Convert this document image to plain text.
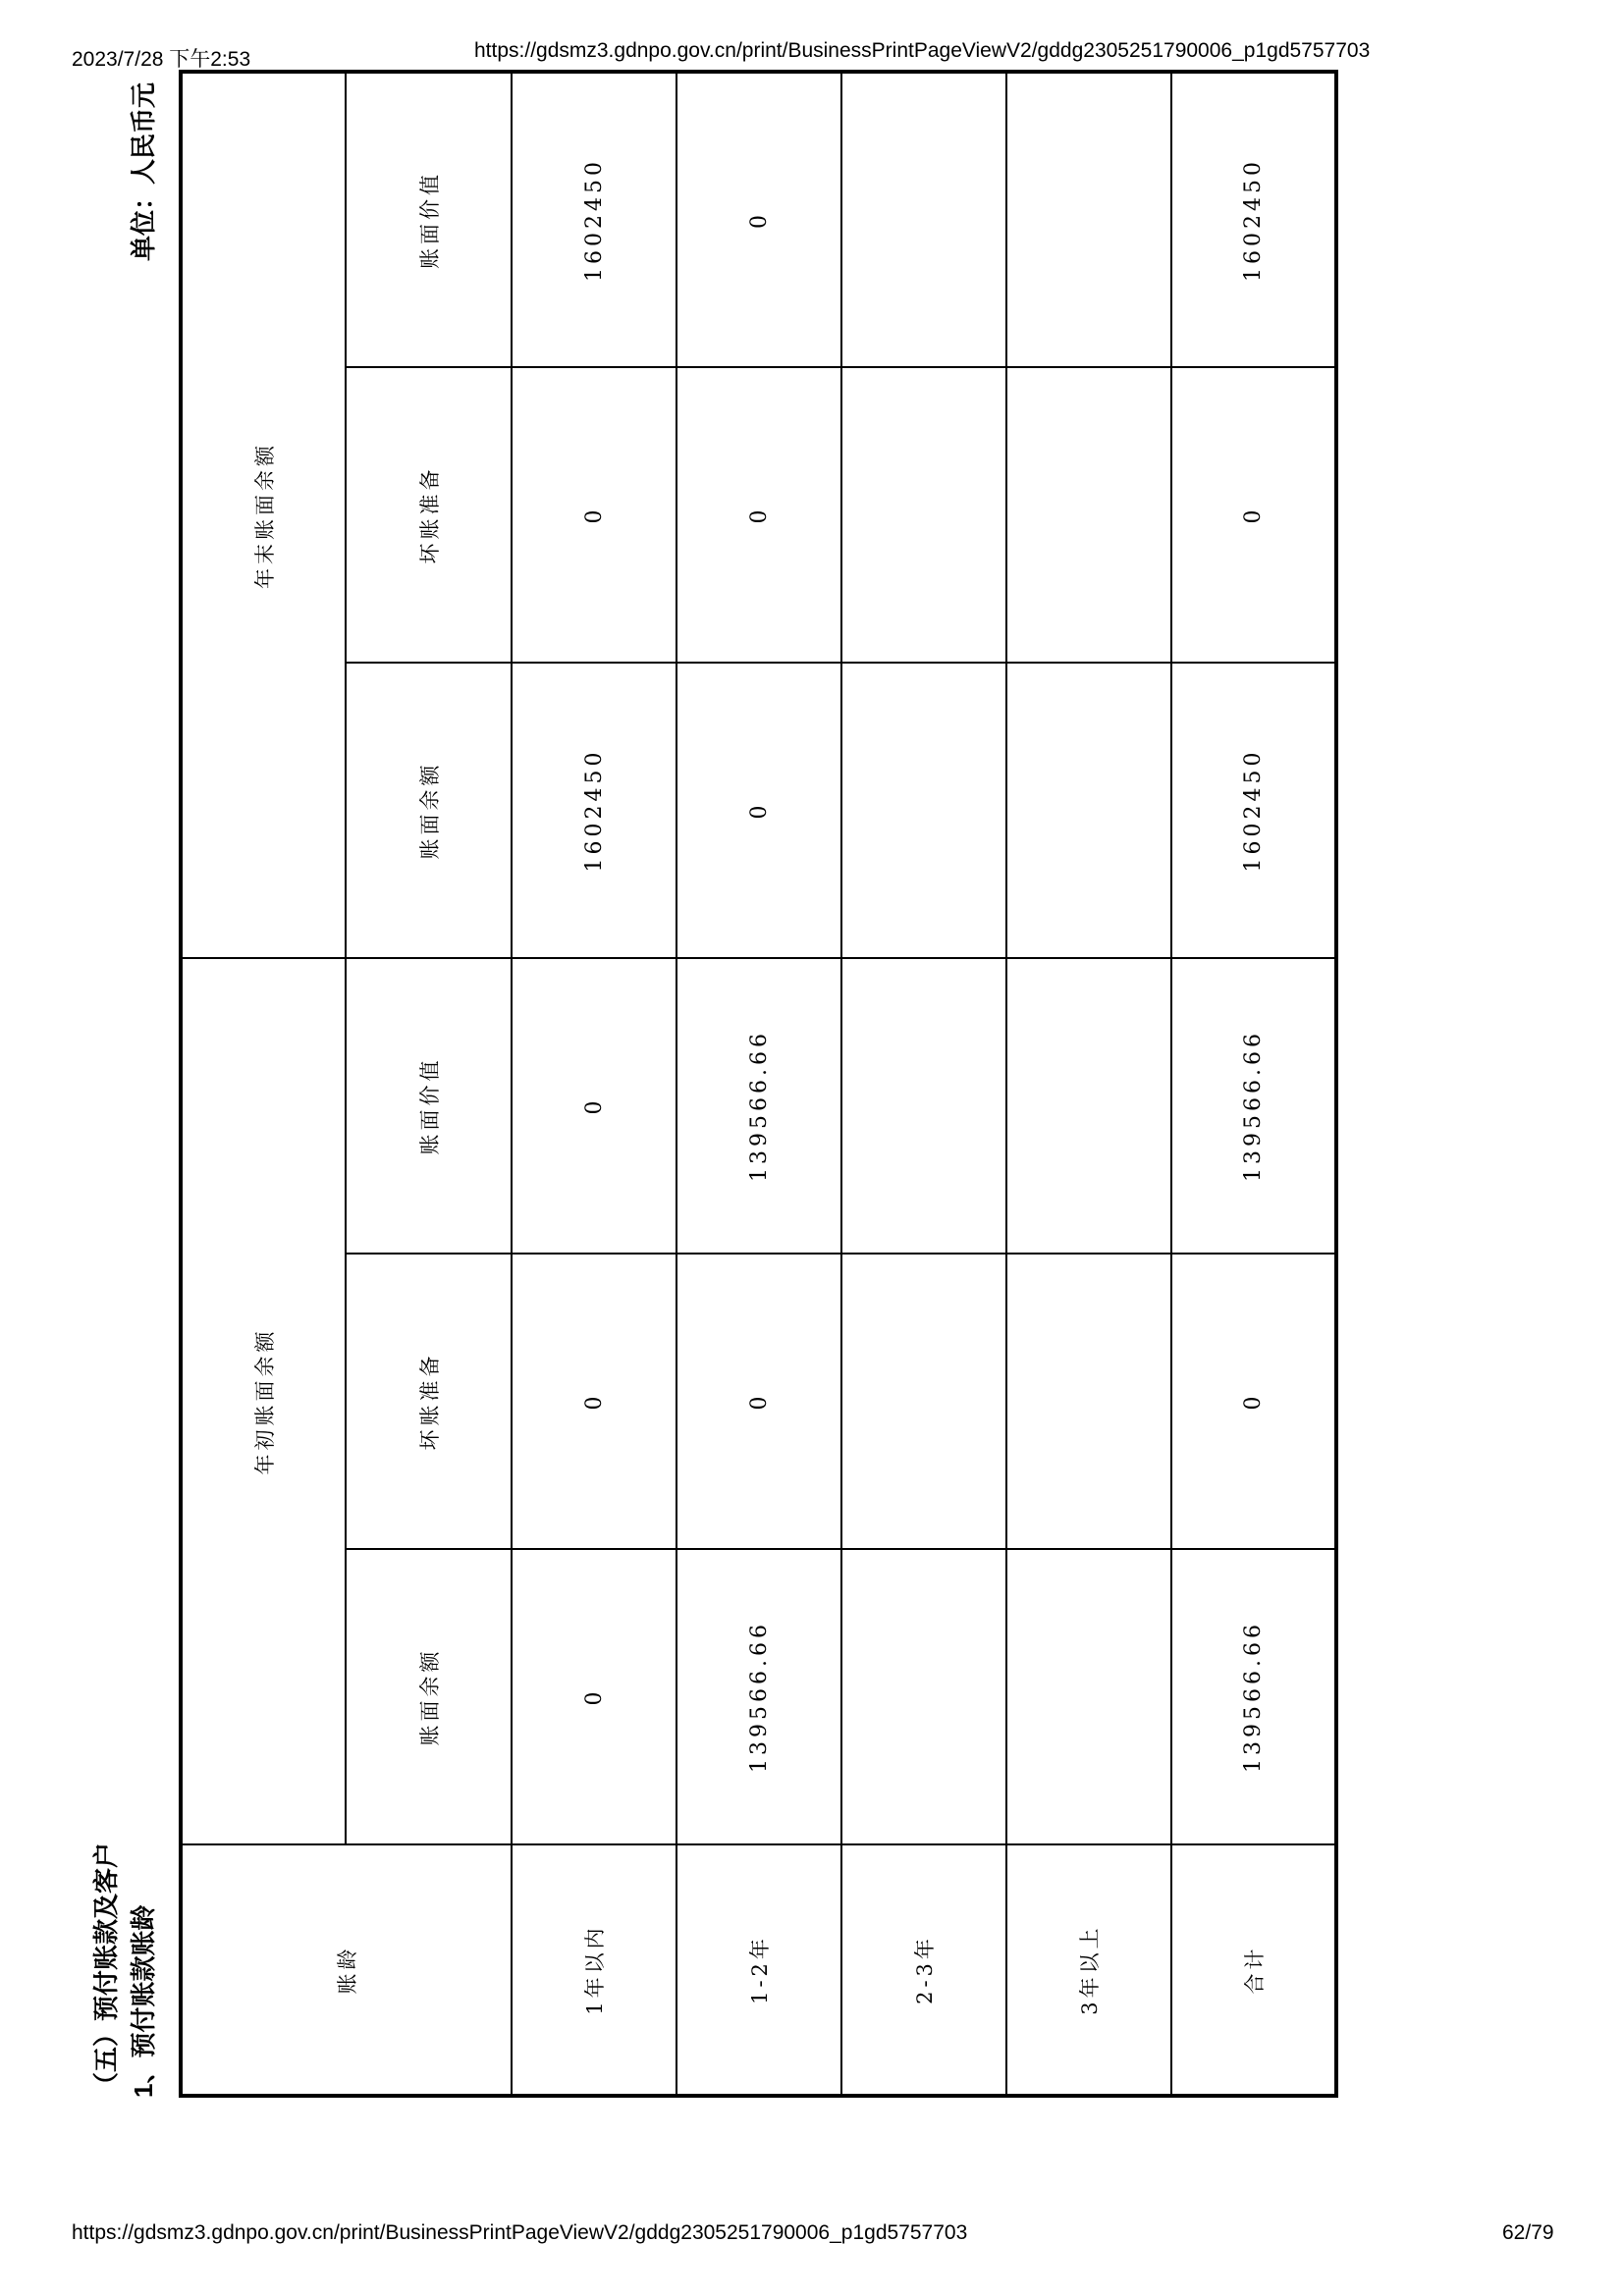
2023/7/28 下午2:53	https://gdsmz3.gdnpo.gov.cn/print/BusinessPrintPageViewV2/gddg2305251790006_p1gd5757703
（五）预付账款及客户 1、预付账款账龄
单位：人民币元
账龄	年初账面余额			年末账面余额		
	账面余额	坏账准备	账面价值	账面余额	坏账准备	账面价值
1年以内	0	0	0	1602450	0	1602450
1-2年	139566.66	0	139566.66	0	0	0
2-3年						
3年以上						
合计	139566.66	0	139566.66	1602450	0	1602450
https://gdsmz3.gdnpo.gov.cn/print/BusinessPrintPageViewV2/gddg2305251790006_p1gd5757703	62/79
